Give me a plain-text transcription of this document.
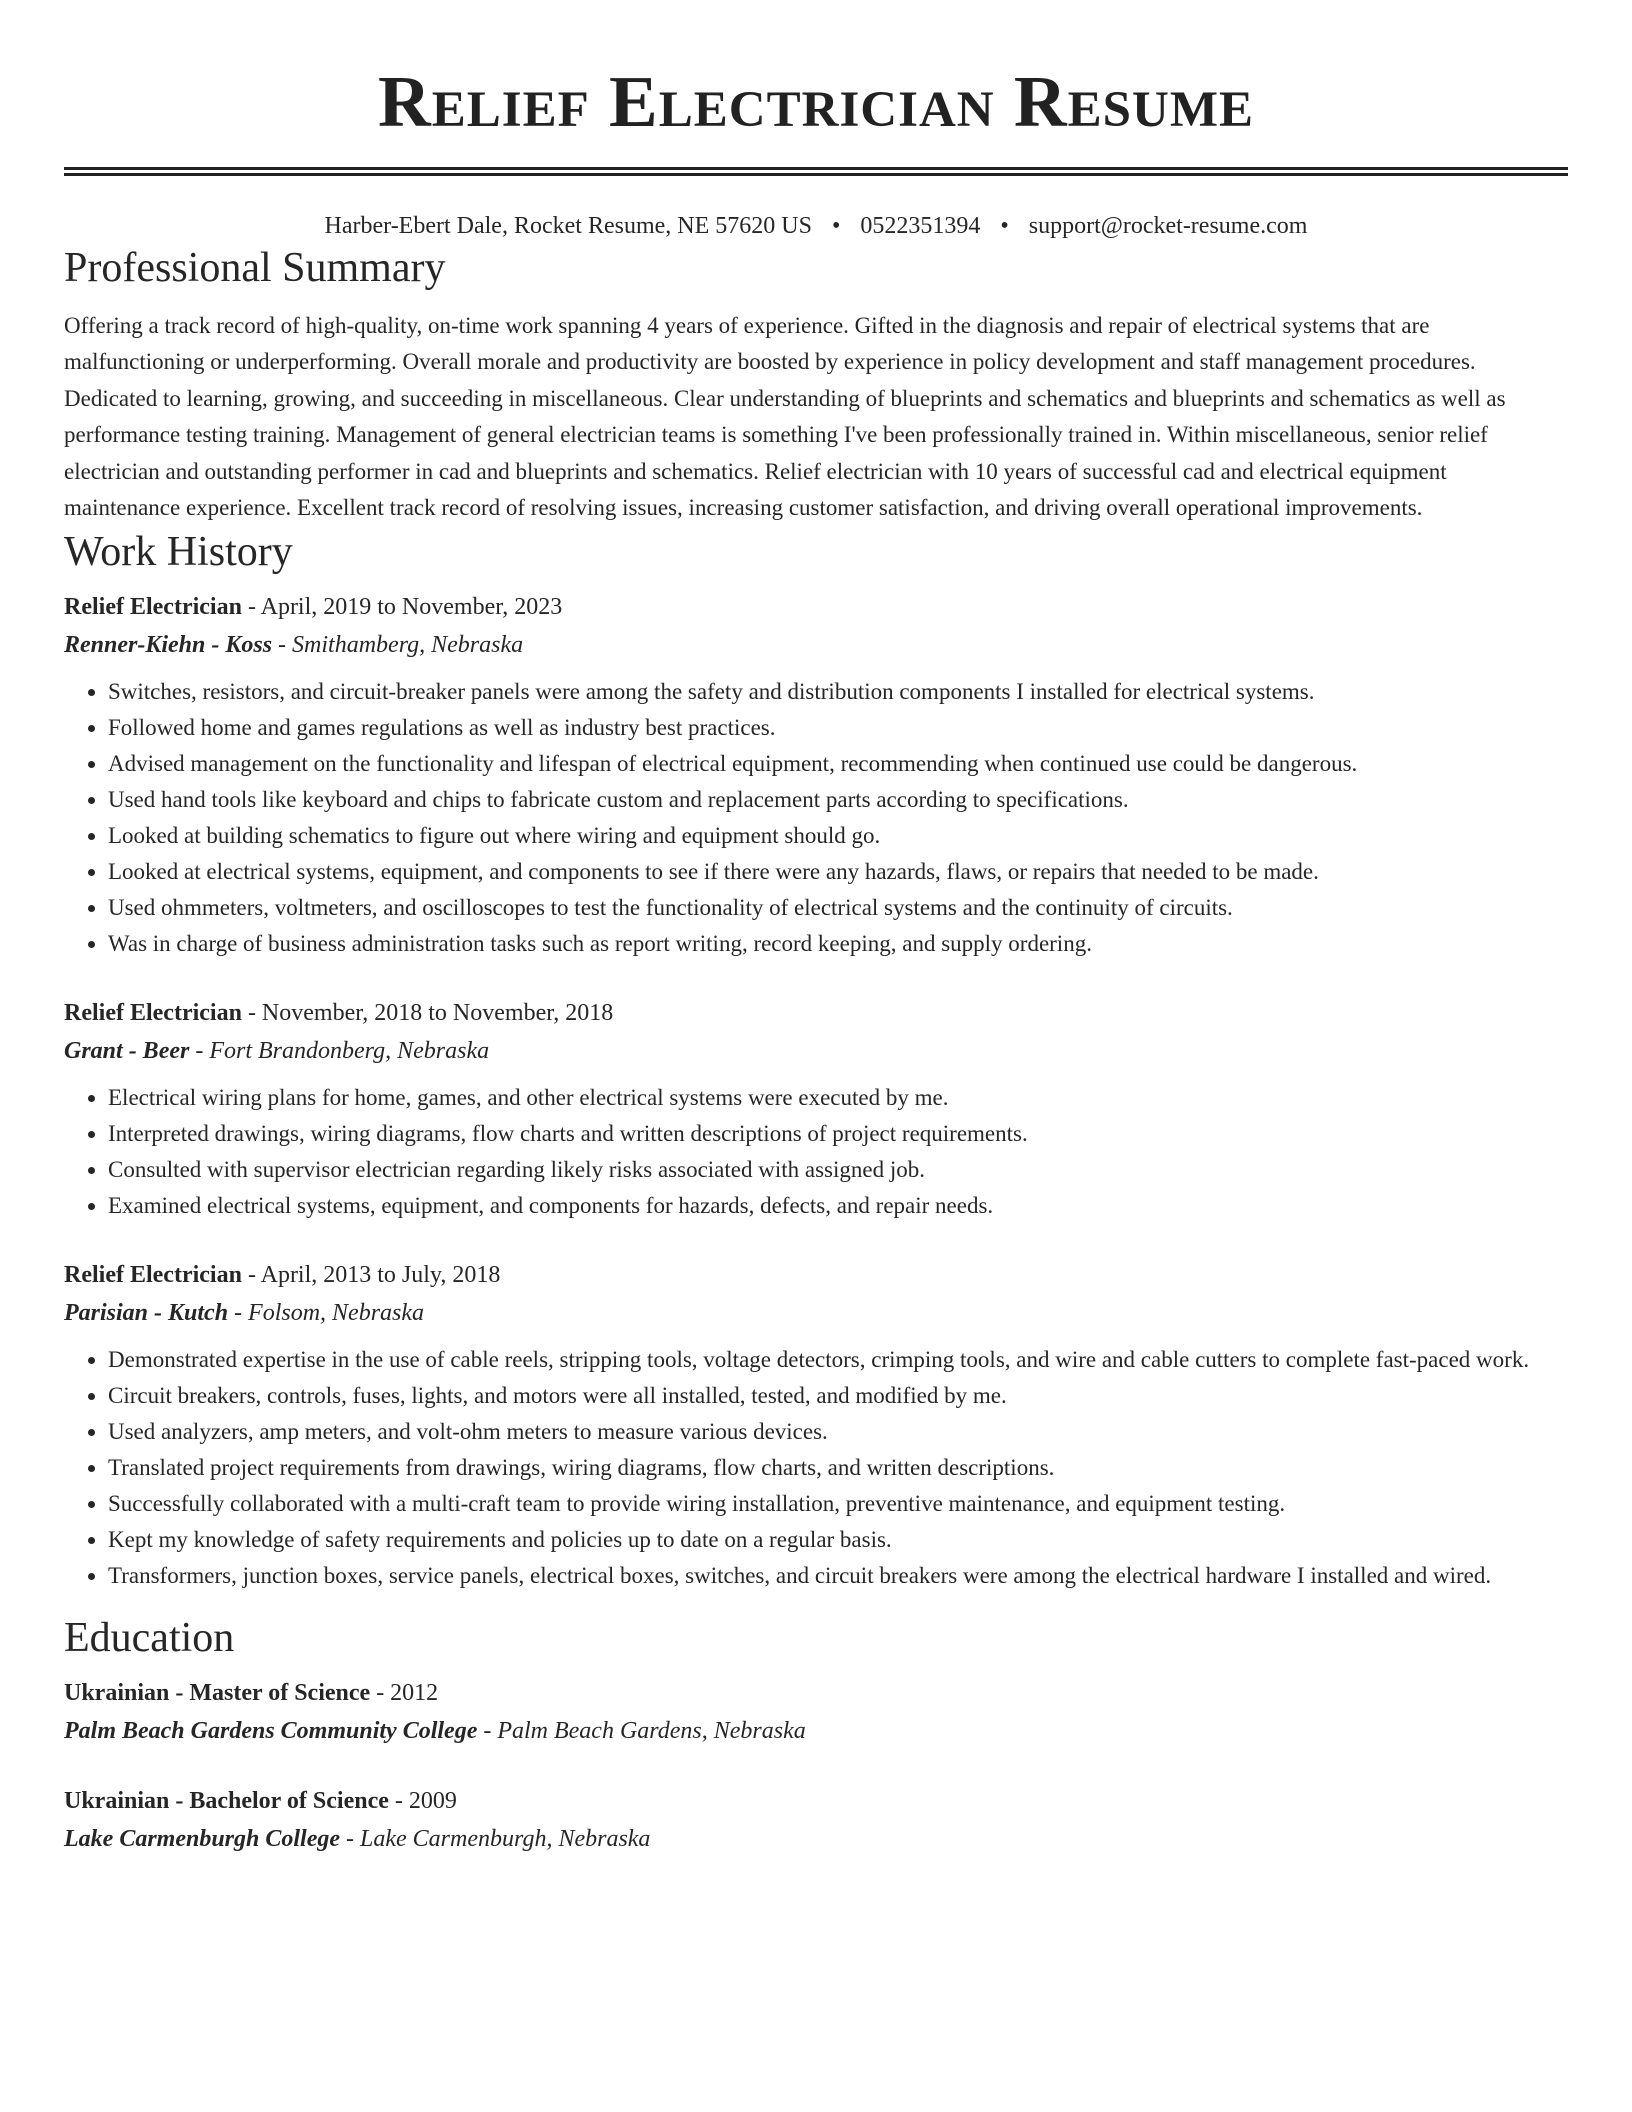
Relief Electrician Resume
Harber-Ebert Dale, Rocket Resume, NE 57620 US • 0522351394 • support@rocket-resume.com
Professional Summary

Offering a track record of high-quality, on-time work spanning 4 years of experience. Gifted in the diagnosis and repair of electrical systems that are malfunctioning or underperforming. Overall morale and productivity are boosted by experience in policy development and staff management procedures. Dedicated to learning, growing, and succeeding in miscellaneous. Clear understanding of blueprints and schematics and blueprints and schematics as well as performance testing training. Management of general electrician teams is something I've been professionally trained in. Within miscellaneous, senior relief electrician and outstanding performer in cad and blueprints and schematics. Relief electrician with 10 years of successful cad and electrical equipment maintenance experience. Excellent track record of resolving issues, increasing customer satisfaction, and driving overall operational improvements.

Work History
Relief Electrician - April, 2019 to November, 2023
Renner-Kiehn - Koss - Smithamberg, Nebraska
• Switches, resistors, and circuit-breaker panels were among the safety and distribution components I installed for electrical systems.
• Followed home and games regulations as well as industry best practices.
• Advised management on the functionality and lifespan of electrical equipment, recommending when continued use could be dangerous.
• Used hand tools like keyboard and chips to fabricate custom and replacement parts according to specifications.
• Looked at building schematics to figure out where wiring and equipment should go.
• Looked at electrical systems, equipment, and components to see if there were any hazards, flaws, or repairs that needed to be made.
• Used ohmmeters, voltmeters, and oscilloscopes to test the functionality of electrical systems and the continuity of circuits.
• Was in charge of business administration tasks such as report writing, record keeping, and supply ordering.
Relief Electrician - November, 2018 to November, 2018
Grant - Beer - Fort Brandonberg, Nebraska
• Electrical wiring plans for home, games, and other electrical systems were executed by me.
• Interpreted drawings, wiring diagrams, flow charts and written descriptions of project requirements.
• Consulted with supervisor electrician regarding likely risks associated with assigned job.
• Examined electrical systems, equipment, and components for hazards, defects, and repair needs.
Relief Electrician - April, 2013 to July, 2018
Parisian - Kutch - Folsom, Nebraska
• Demonstrated expertise in the use of cable reels, stripping tools, voltage detectors, crimping tools, and wire and cable cutters to complete fast-paced work.
• Circuit breakers, controls, fuses, lights, and motors were all installed, tested, and modified by me.
• Used analyzers, amp meters, and volt-ohm meters to measure various devices.
• Translated project requirements from drawings, wiring diagrams, flow charts, and written descriptions.
• Successfully collaborated with a multi-craft team to provide wiring installation, preventive maintenance, and equipment testing.
• Kept my knowledge of safety requirements and policies up to date on a regular basis.
• Transformers, junction boxes, service panels, electrical boxes, switches, and circuit breakers were among the electrical hardware I installed and wired.
Education
Ukrainian - Master of Science - 2012
Palm Beach Gardens Community College - Palm Beach Gardens, Nebraska
Ukrainian - Bachelor of Science - 2009
Lake Carmenburgh College - Lake Carmenburgh, Nebraska
